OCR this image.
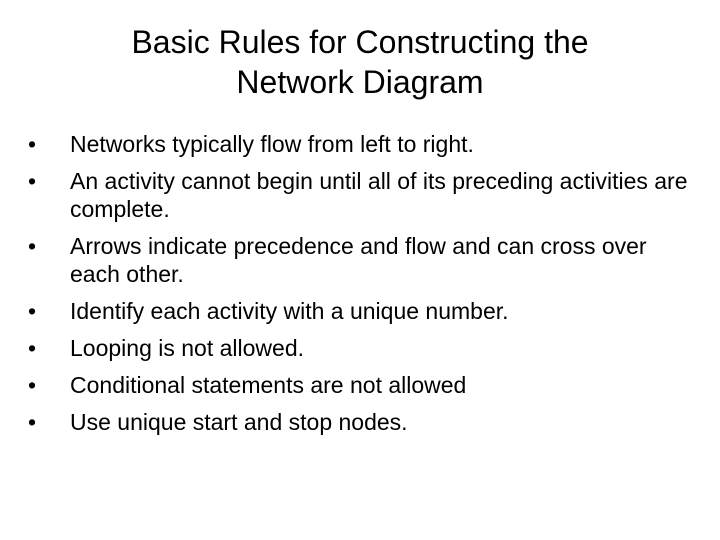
Basic Rules for Constructing the
Network Diagram
•	Networks typically flow from left to right.
•	An activity cannot begin until all of its preceding activities are complete.
•	Arrows indicate precedence and flow and can cross over each other.
•	Identify each activity with a unique number.
•	Looping is not allowed.
•	Conditional statements are not allowed
•	Use unique start and stop nodes.
